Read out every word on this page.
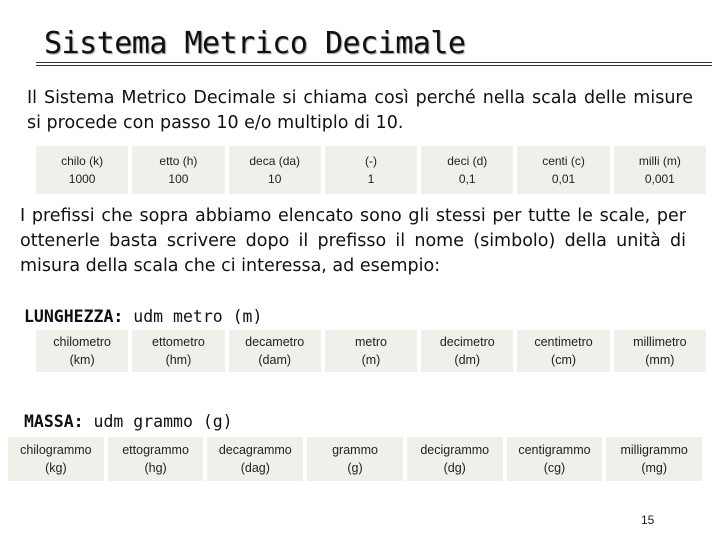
Sistema Metrico Decimale

Il Sistema Metrico Decimale si chiama così perché nella scala delle misure si procede con passo 10 e/o multiplo di 10.

chilo (k)
1000
etto (h)
100
deca (da)
10
(-)
1
deci (d)
0,1
centi (c)
0,01
milli (m)
0,001

I prefissi che sopra abbiamo elencato sono gli stessi per tutte le scale, per ottenerle basta scrivere dopo il prefisso il nome (simbolo) della unità di misura della scala che ci interessa, ad esempio:

LUNGHEZZA: udm metro (m)
chilometro
(km)
ettometro
(hm)
decametro
(dam)
metro
(m)
decimetro
(dm)
centimetro
(cm)
millimetro
(mm)
MASSA: udm grammo (g)
chilogrammo
(kg)
ettogrammo
(hg)
decagrammo
(dag)
grammo
(g)
decigrammo
(dg)
centigrammo
(cg)
milligrammo
(mg)
15
